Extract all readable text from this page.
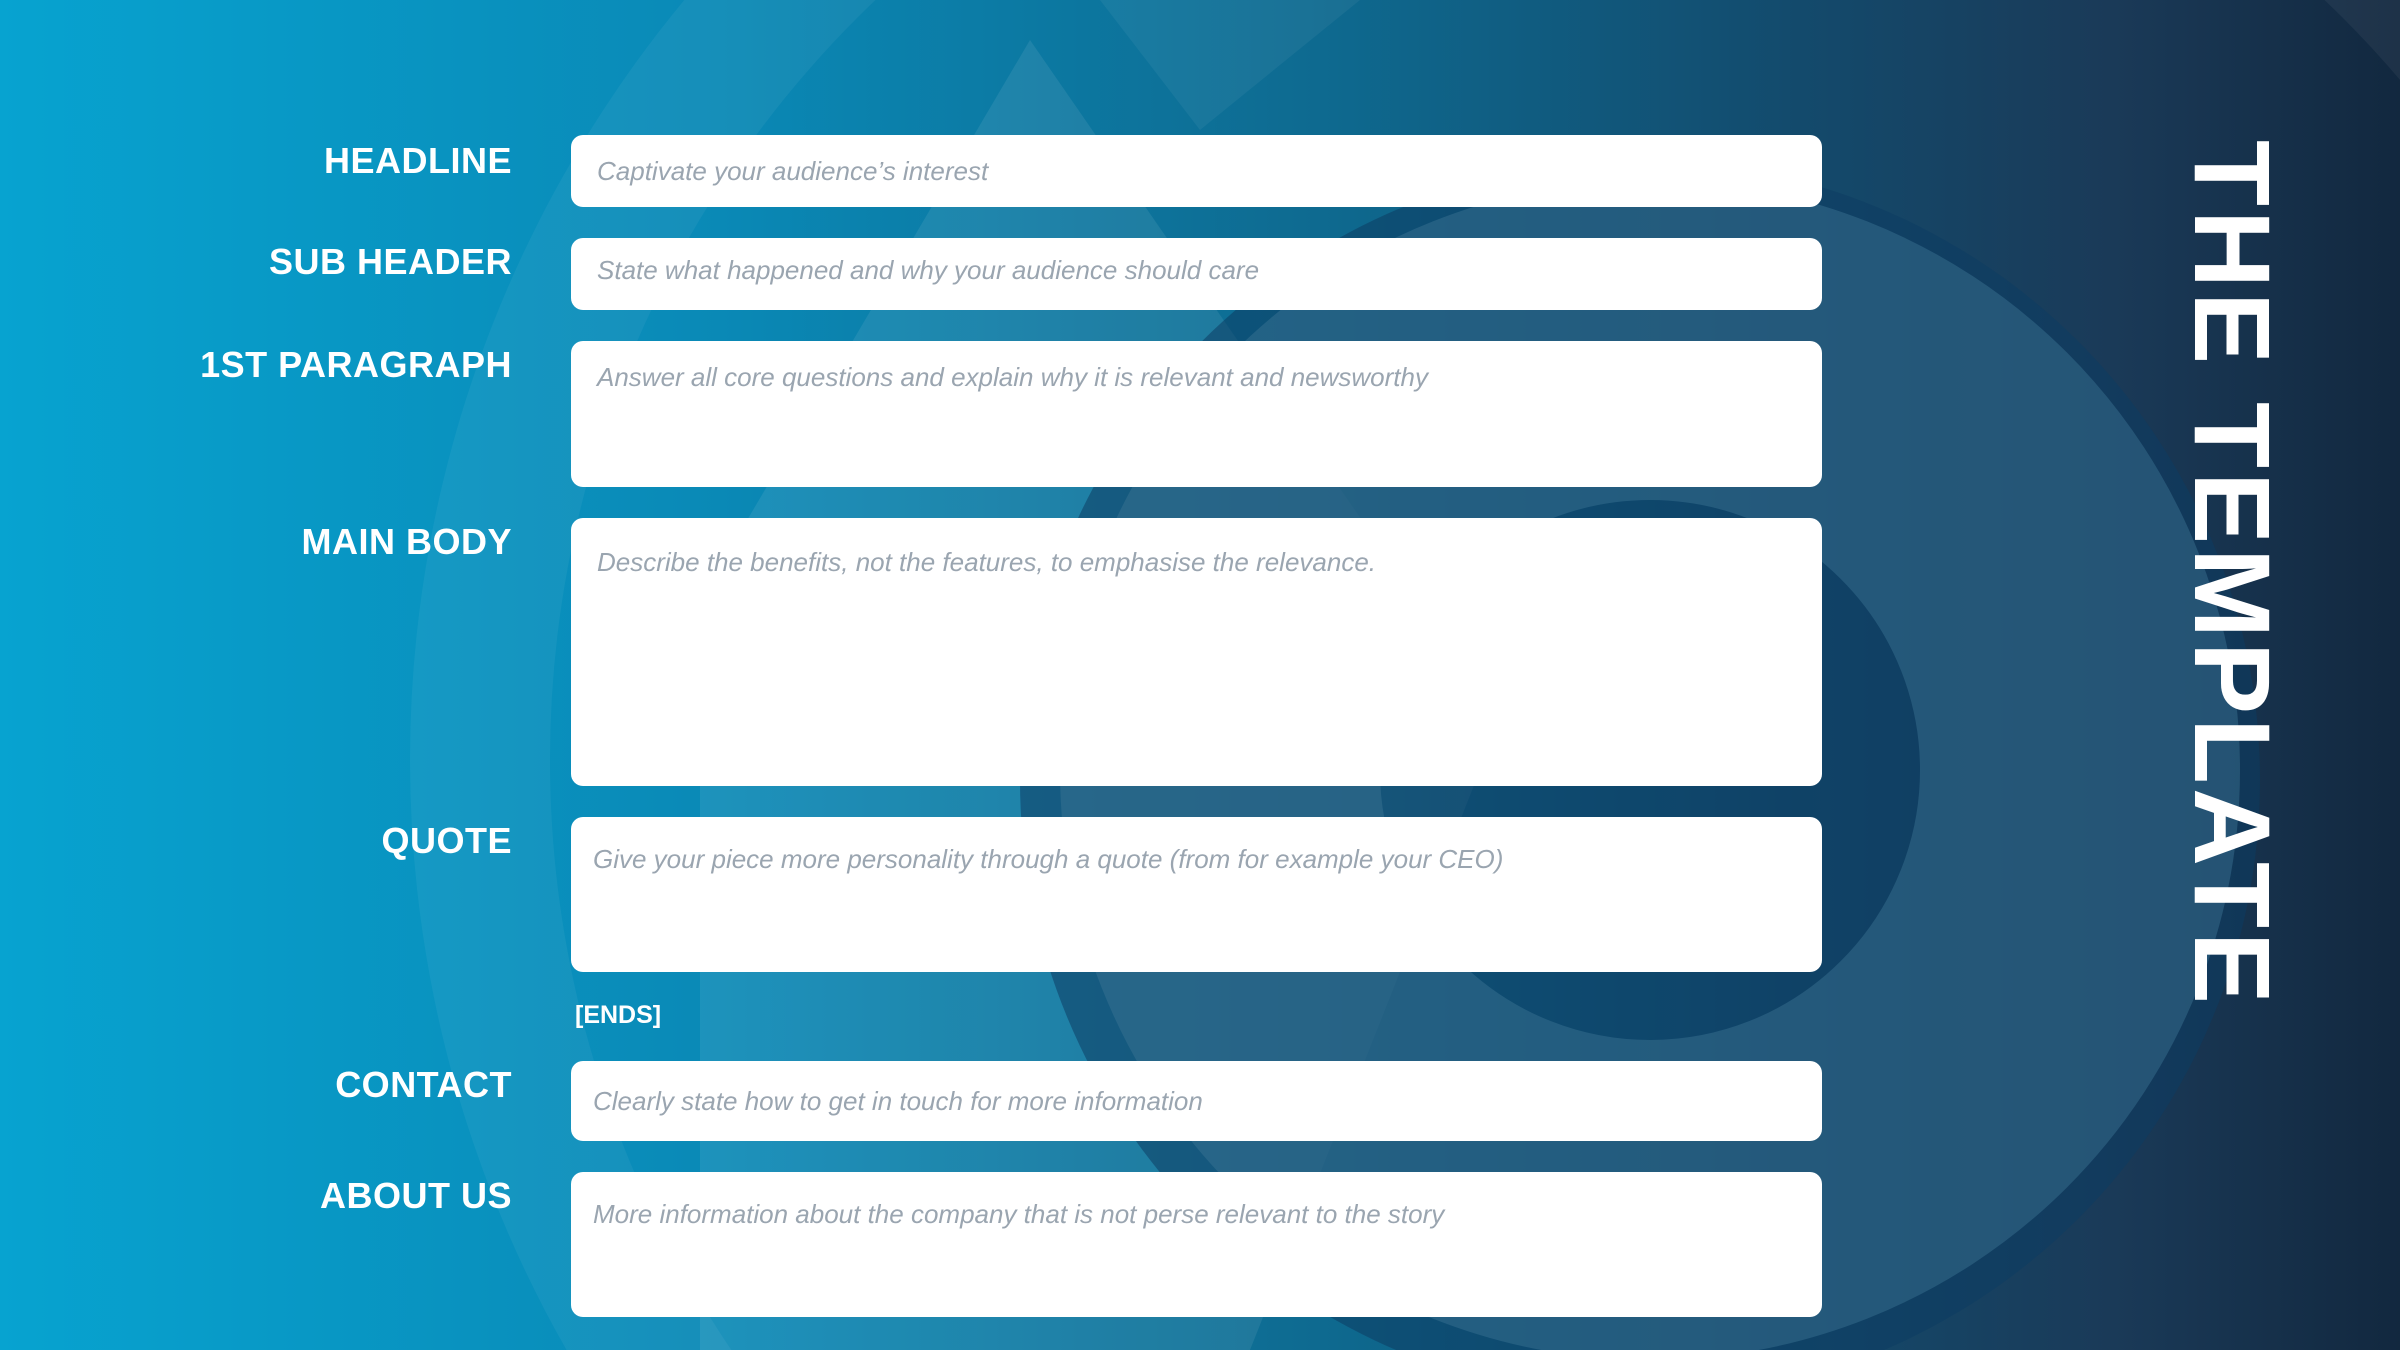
HEADLINE	Captivate your audience’s interest
SUB HEADER	State what happened and why your audience should care
1ST PARAGRAPH	Answer all core questions and explain why it is relevant and newsworthy
MAIN BODY	Describe the benefits, not the features, to emphasise the relevance.
QUOTE	Give your piece more personality through a quote (from for example your CEO)
[ENDS]
CONTACT	Clearly state how to get in touch for more information
ABOUT US	More information about the company that is not perse relevant to the story
THE TEMPLATE
